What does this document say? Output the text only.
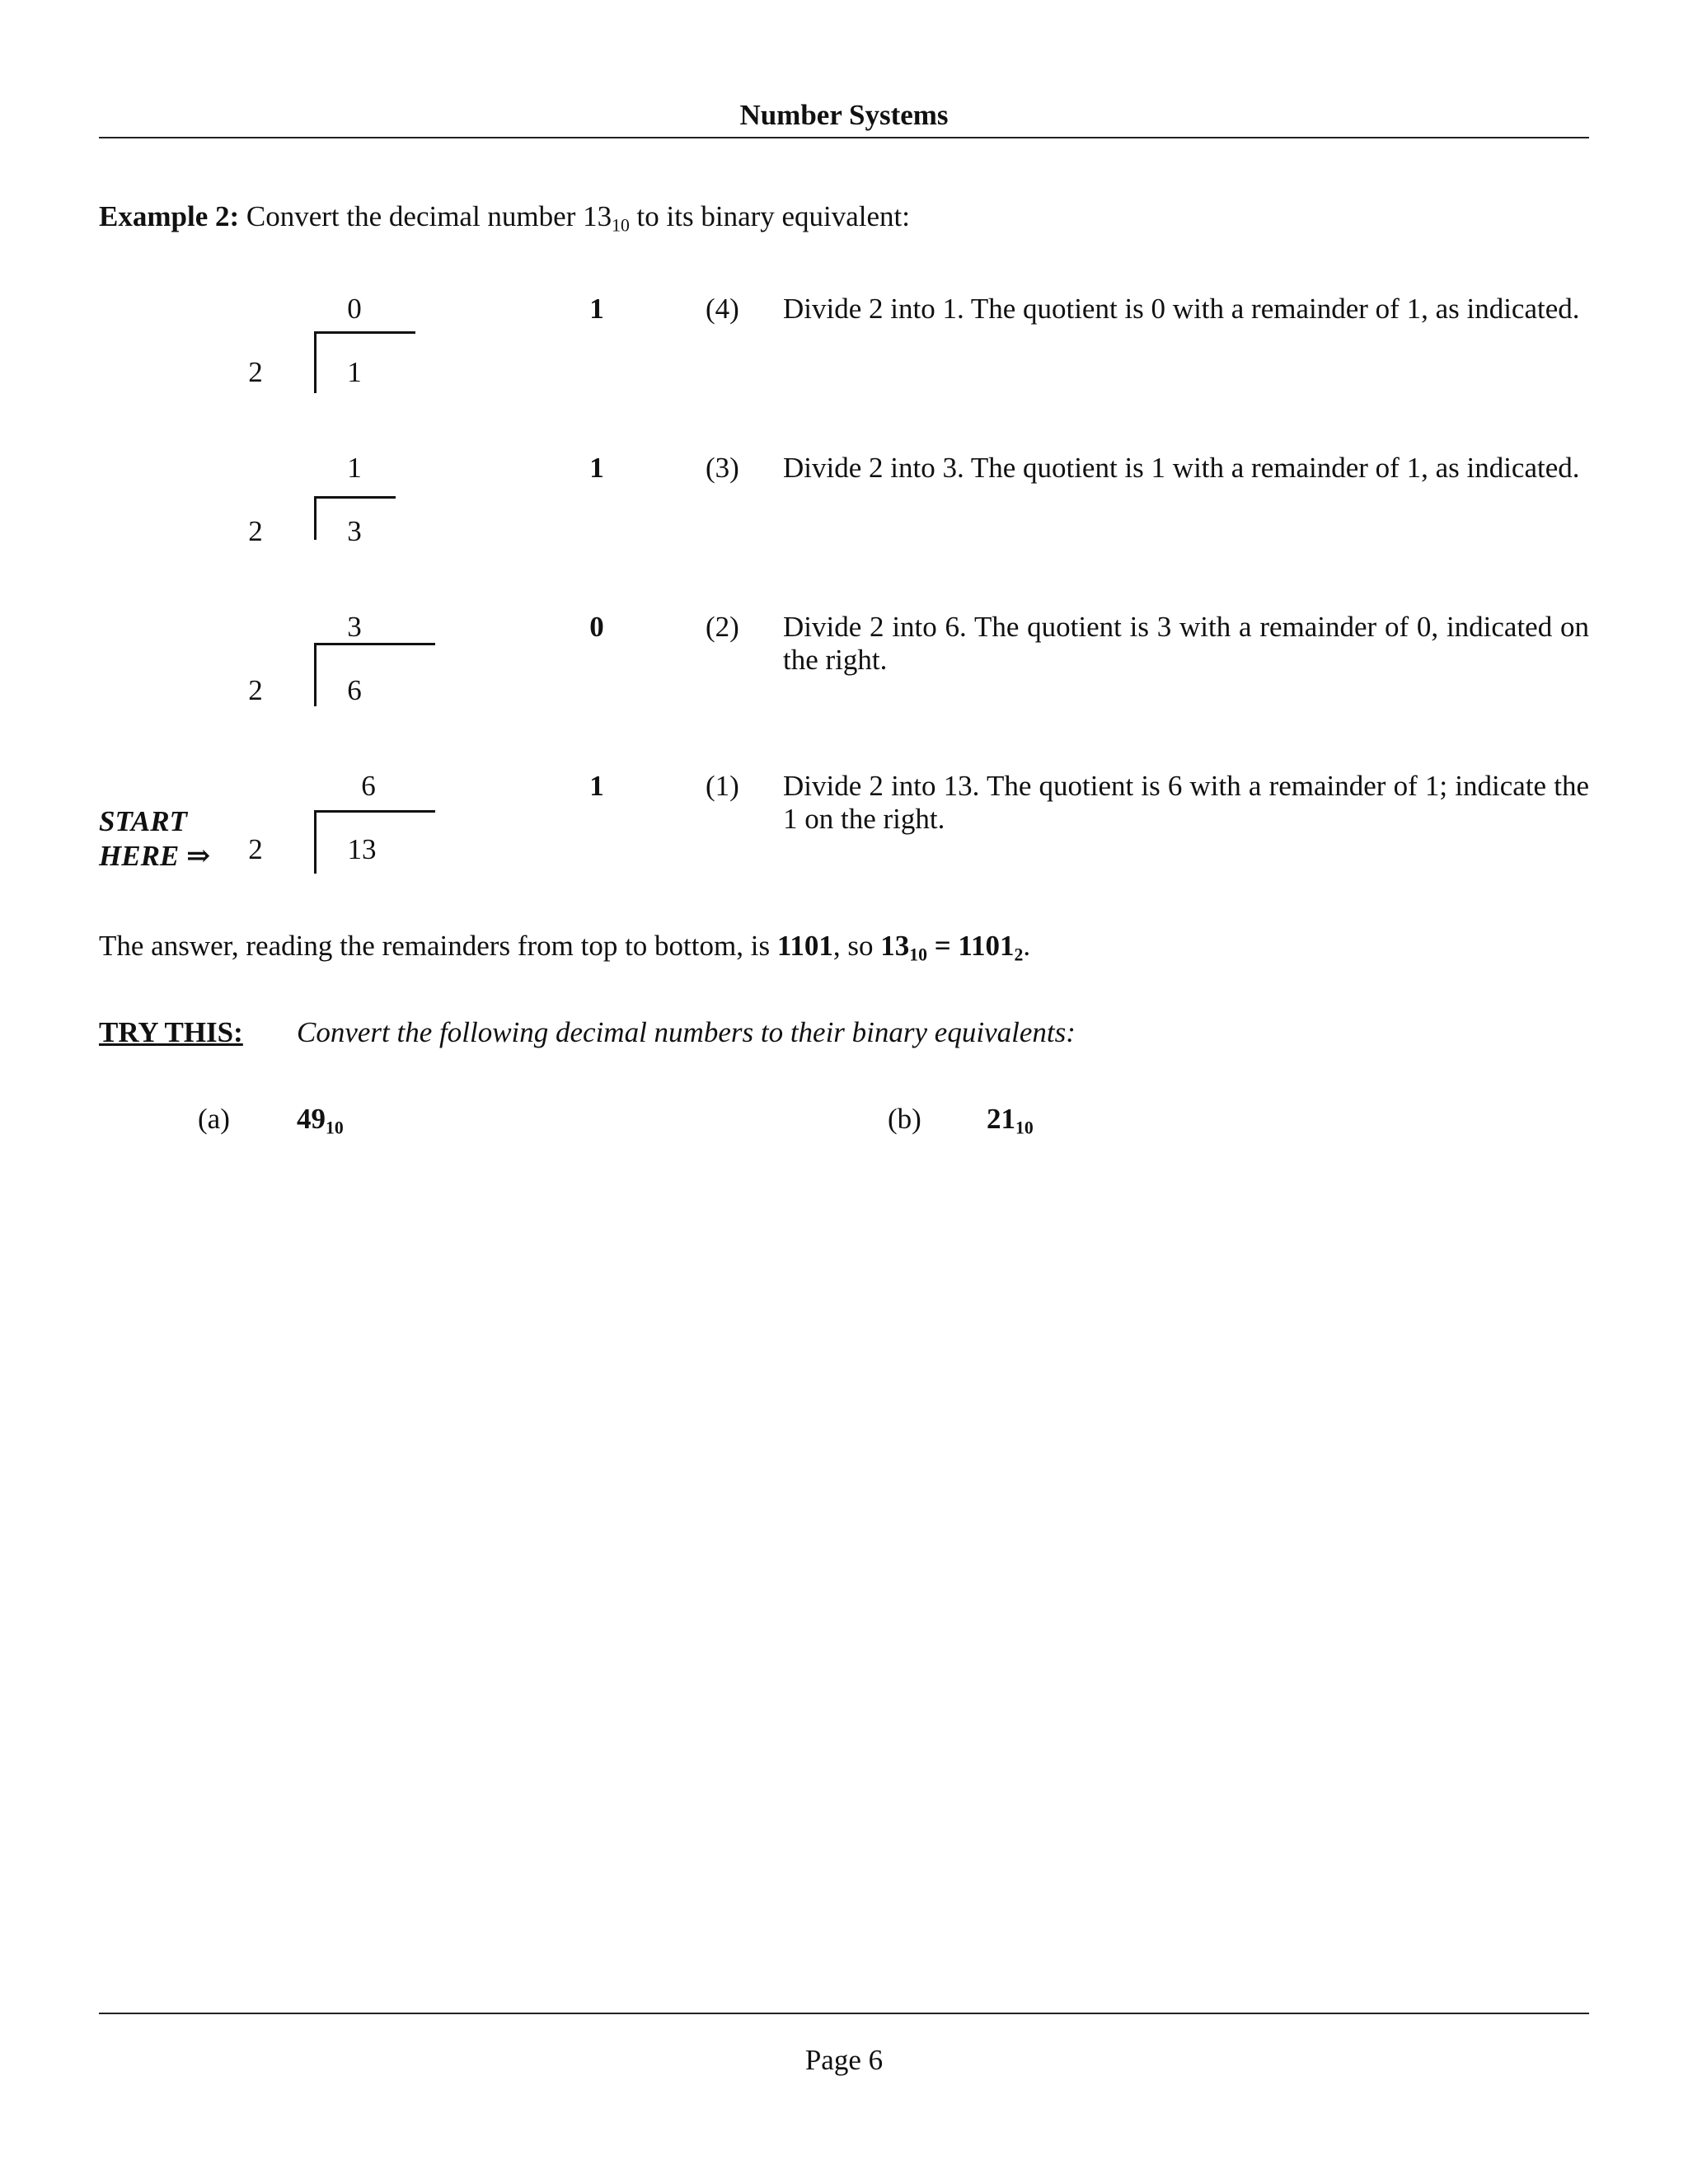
Number Systems
Example 2: Convert the decimal number $13_{10}$ to its binary equivalent:
0
2	1
1	(4)	Divide 2 into 1. The quotient is 0 with a remainder of 1, as indicated.
1
2	3
1	(3)	Divide 2 into 3. The quotient is 1 with a remainder of 1, as indicated.
3
2	6
0	(2)	Divide 2 into 6. The quotient is 3 with a remainder of 0, indicated on the right.
6
2	13
1	(1)	Divide 2 into 13. The quotient is 6 with a remainder of 1; indicate the 1 on the right.
START
HERE ⇒
The answer, reading the remainders from top to bottom, is 1101, so $13_{10} = 1101_2$.
TRY THIS: Convert the following decimal numbers to their binary equivalents:
(a) $49_{10}$	(b) $21_{10}$
Page 6
